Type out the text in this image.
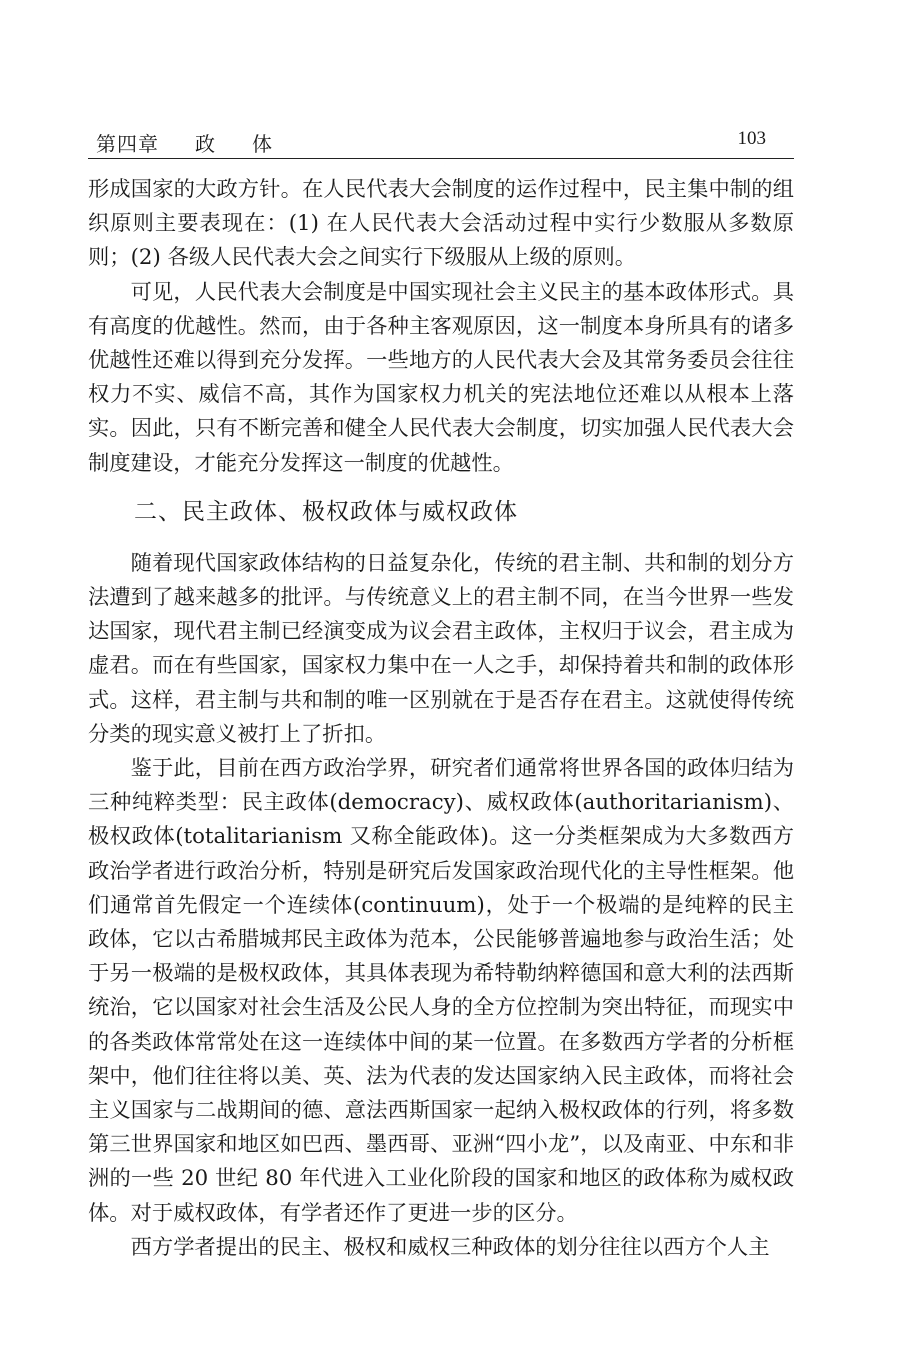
第四章 政 体	103

形成国家的大政方针。在人民代表大会制度的运作过程中，民主集中制的组织原则主要表现在：(1) 在人民代表大会活动过程中实行少数服从多数原则；(2) 各级人民代表大会之间实行下级服从上级的原则。

可见，人民代表大会制度是中国实现社会主义民主的基本政体形式。具有高度的优越性。然而，由于各种主客观原因，这一制度本身所具有的诸多优越性还难以得到充分发挥。一些地方的人民代表大会及其常务委员会往往权力不实、威信不高，其作为国家权力机关的宪法地位还难以从根本上落实。因此，只有不断完善和健全人民代表大会制度，切实加强人民代表大会制度建设，才能充分发挥这一制度的优越性。

二、民主政体、极权政体与威权政体

随着现代国家政体结构的日益复杂化，传统的君主制、共和制的划分方法遭到了越来越多的批评。与传统意义上的君主制不同，在当今世界一些发达国家，现代君主制已经演变成为议会君主政体，主权归于议会，君主成为虚君。而在有些国家，国家权力集中在一人之手，却保持着共和制的政体形式。这样，君主制与共和制的唯一区别就在于是否存在君主。这就使得传统分类的现实意义被打上了折扣。

鉴于此，目前在西方政治学界，研究者们通常将世界各国的政体归结为三种纯粹类型：民主政体(democracy)、威权政体(authoritarianism)、极权政体(totalitarianism 又称全能政体)。这一分类框架成为大多数西方政治学者进行政治分析，特别是研究后发国家政治现代化的主导性框架。他们通常首先假定一个连续体(continuum)，处于一个极端的是纯粹的民主政体，它以古希腊城邦民主政体为范本，公民能够普遍地参与政治生活；处于另一极端的是极权政体，其具体表现为希特勒纳粹德国和意大利的法西斯统治，它以国家对社会生活及公民人身的全方位控制为突出特征，而现实中的各类政体常常处在这一连续体中间的某一位置。在多数西方学者的分析框架中，他们往往将以美、英、法为代表的发达国家纳入民主政体，而将社会主义国家与二战期间的德、意法西斯国家一起纳入极权政体的行列，将多数第三世界国家和地区如巴西、墨西哥、亚洲“四小龙”，以及南亚、中东和非洲的一些 20 世纪 80 年代进入工业化阶段的国家和地区的政体称为威权政体。对于威权政体，有学者还作了更进一步的区分。

西方学者提出的民主、极权和威权三种政体的划分往往以西方个人主
